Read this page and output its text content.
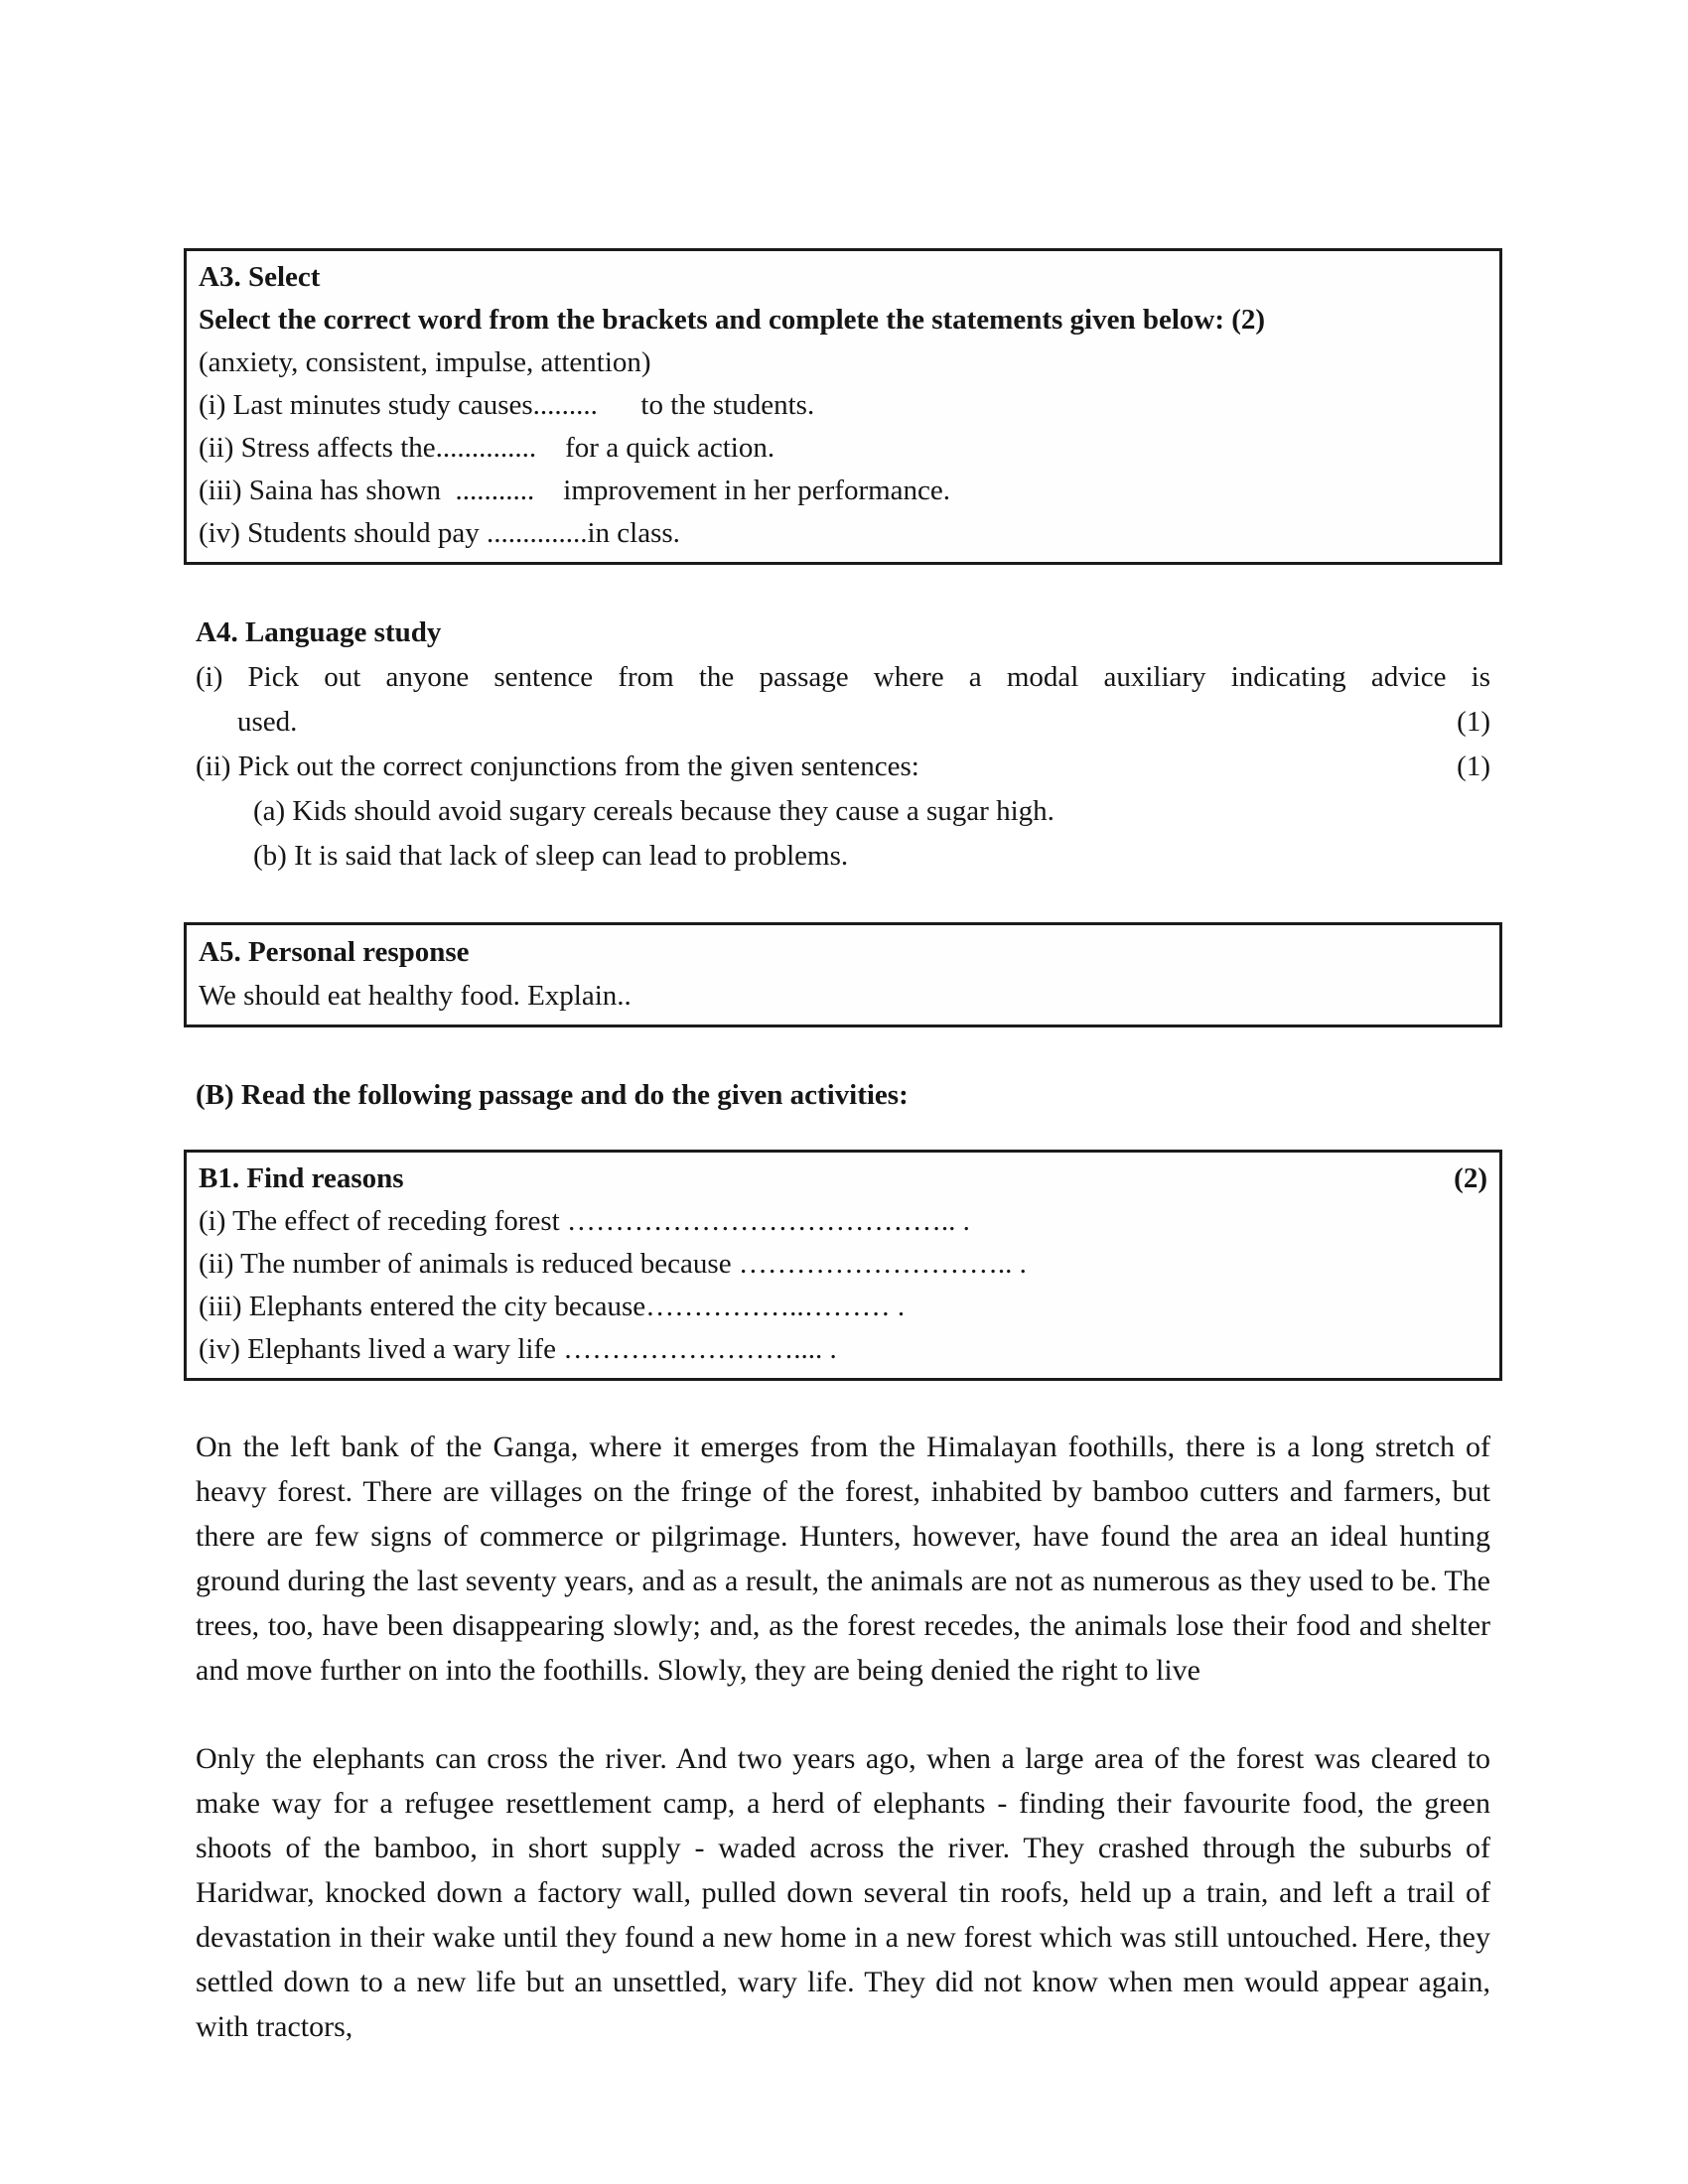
A3. Select
Select the correct word from the brackets and complete the statements given below: (2)
(anxiety, consistent, impulse, attention)
(i) Last minutes study causes.........      to the students.
(ii) Stress affects the..............    for a quick action.
(iii) Saina has shown  ...........    improvement in her performance.
(iv) Students should pay ..............in class.
A4. Language study
(i) Pick out anyone sentence from the passage where a modal auxiliary indicating advice is
used.	(1)
(ii) Pick out the correct conjunctions from the given sentences:	(1)
(a) Kids should avoid sugary cereals because they cause a sugar high.
(b) It is said that lack of sleep can lead to problems.
A5. Personal response
We should eat healthy food. Explain..
(B) Read the following passage and do the given activities:
B1. Find reasons	(2)
(i) The effect of receding forest ………………………………….. .
(ii) The number of animals is reduced because ……………………….. .
(iii) Elephants entered the city because……………..……… .
(iv) Elephants lived a wary life …………………….... .

On the left bank of the Ganga, where it emerges from the Himalayan foothills, there is a long stretch of heavy forest. There are villages on the fringe of the forest, inhabited by bamboo cutters and farmers, but there are few signs of commerce or pilgrimage. Hunters, however, have found the area an ideal hunting ground during the last seventy years, and as a result, the animals are not as numerous as they used to be. The trees, too, have been disappearing slowly; and, as the forest recedes, the animals lose their food and shelter and move further on into the foothills. Slowly, they are being denied the right to live

Only the elephants can cross the river. And two years ago, when a large area of the forest was cleared to make way for a refugee resettlement camp, a herd of elephants - finding their favourite food, the green shoots of the bamboo, in short supply - waded across the river. They crashed through the suburbs of Haridwar, knocked down a factory wall, pulled down several tin roofs, held up a train, and left a trail of devastation in their wake until they found a new home in a new forest which was still untouched. Here, they settled down to a new life but an unsettled, wary life. They did not know when men would appear again, with tractors,
